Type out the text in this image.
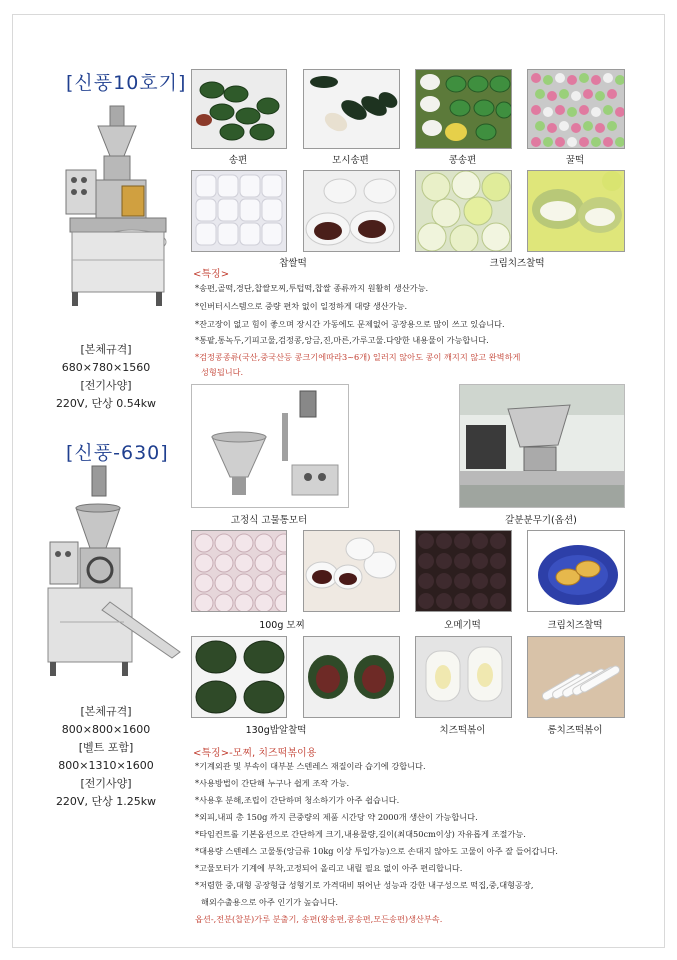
[신풍10호기]
[본체규격]
680×780×1560
[전기사양]
220V, 단상 0.54kw
송편	모시송편	콩송편	꿀떡
찹쌀떡	크림치즈찰떡
<특징>
*송편,골떡,경단,찹쌀모찌,투텁떡,찹쌀 종류까지 원활히 생산가능.
*인버터시스템으로 중량 편차 없이 일정하게 대량 생산가능.
*잔고장이 없고 힘이 좋으며 장시간 가동에도 문제없어 공장용으로 많이 쓰고 있습니다.
*통팥,통녹두,기피고물,검정콩,앙금,진,마른,가루고물.다양한 내용물이 가능합니다.
*검정콩종류(국산,중국산등 콩크기에따라3~6개) 일러지 않아도 콩이 깨지지 않고 완벽하게
성형됩니다.
고정식 고물통모터	갈분분무기(옵션)
[신풍-630]
[본체규격]
800×800×1600
[벨트 포함]
800×1310×1600
[전기사양]
220V, 단상 1.25kw
100g 모찌	오메기떡	크림치즈찰떡
130g밥알찰떡	치즈떡볶이	롱치즈떡볶이
<특징>-모찌, 치즈떡볶이용
*기계외관 및 부속이 대부분 스텐레스 재질이라 습기에 강합니다.
*사용방법이 간단해 누구나 쉽게 조작 가능.
*사용후 분해,조립이 간단하며 청소하기가 아주 쉽습니다.
*외피,내피 총 150g 까지 큰중량의 제품 시간당 약 2000개 생산이 가능합니다.
*타임컨트롤 기본옵션으로 간단하게 크기,내용물량,길이(최대50cm이상) 자유롭게 조절가능.
*대용량 스텐레스 고물통(앙금류 10kg 이상 투입가능)으로 손대지 않아도 고물이 아주 잘 들어갑니다.
*고물모터가 기계에 부착,고정되어 올리고 내릴 필요 없이 아주 편리합니다.
*저렴한 중,대형 공장형급 성형기로 가격대비 뛰어난 성능과 강한 내구성으로 떡집,중,대형공장,
해외수출용으로 아주 인기가 높습니다.
옵션-,전분(찹분)가루 분출기, 송편(왕송편,콩송편,모든송편)생산부속.
